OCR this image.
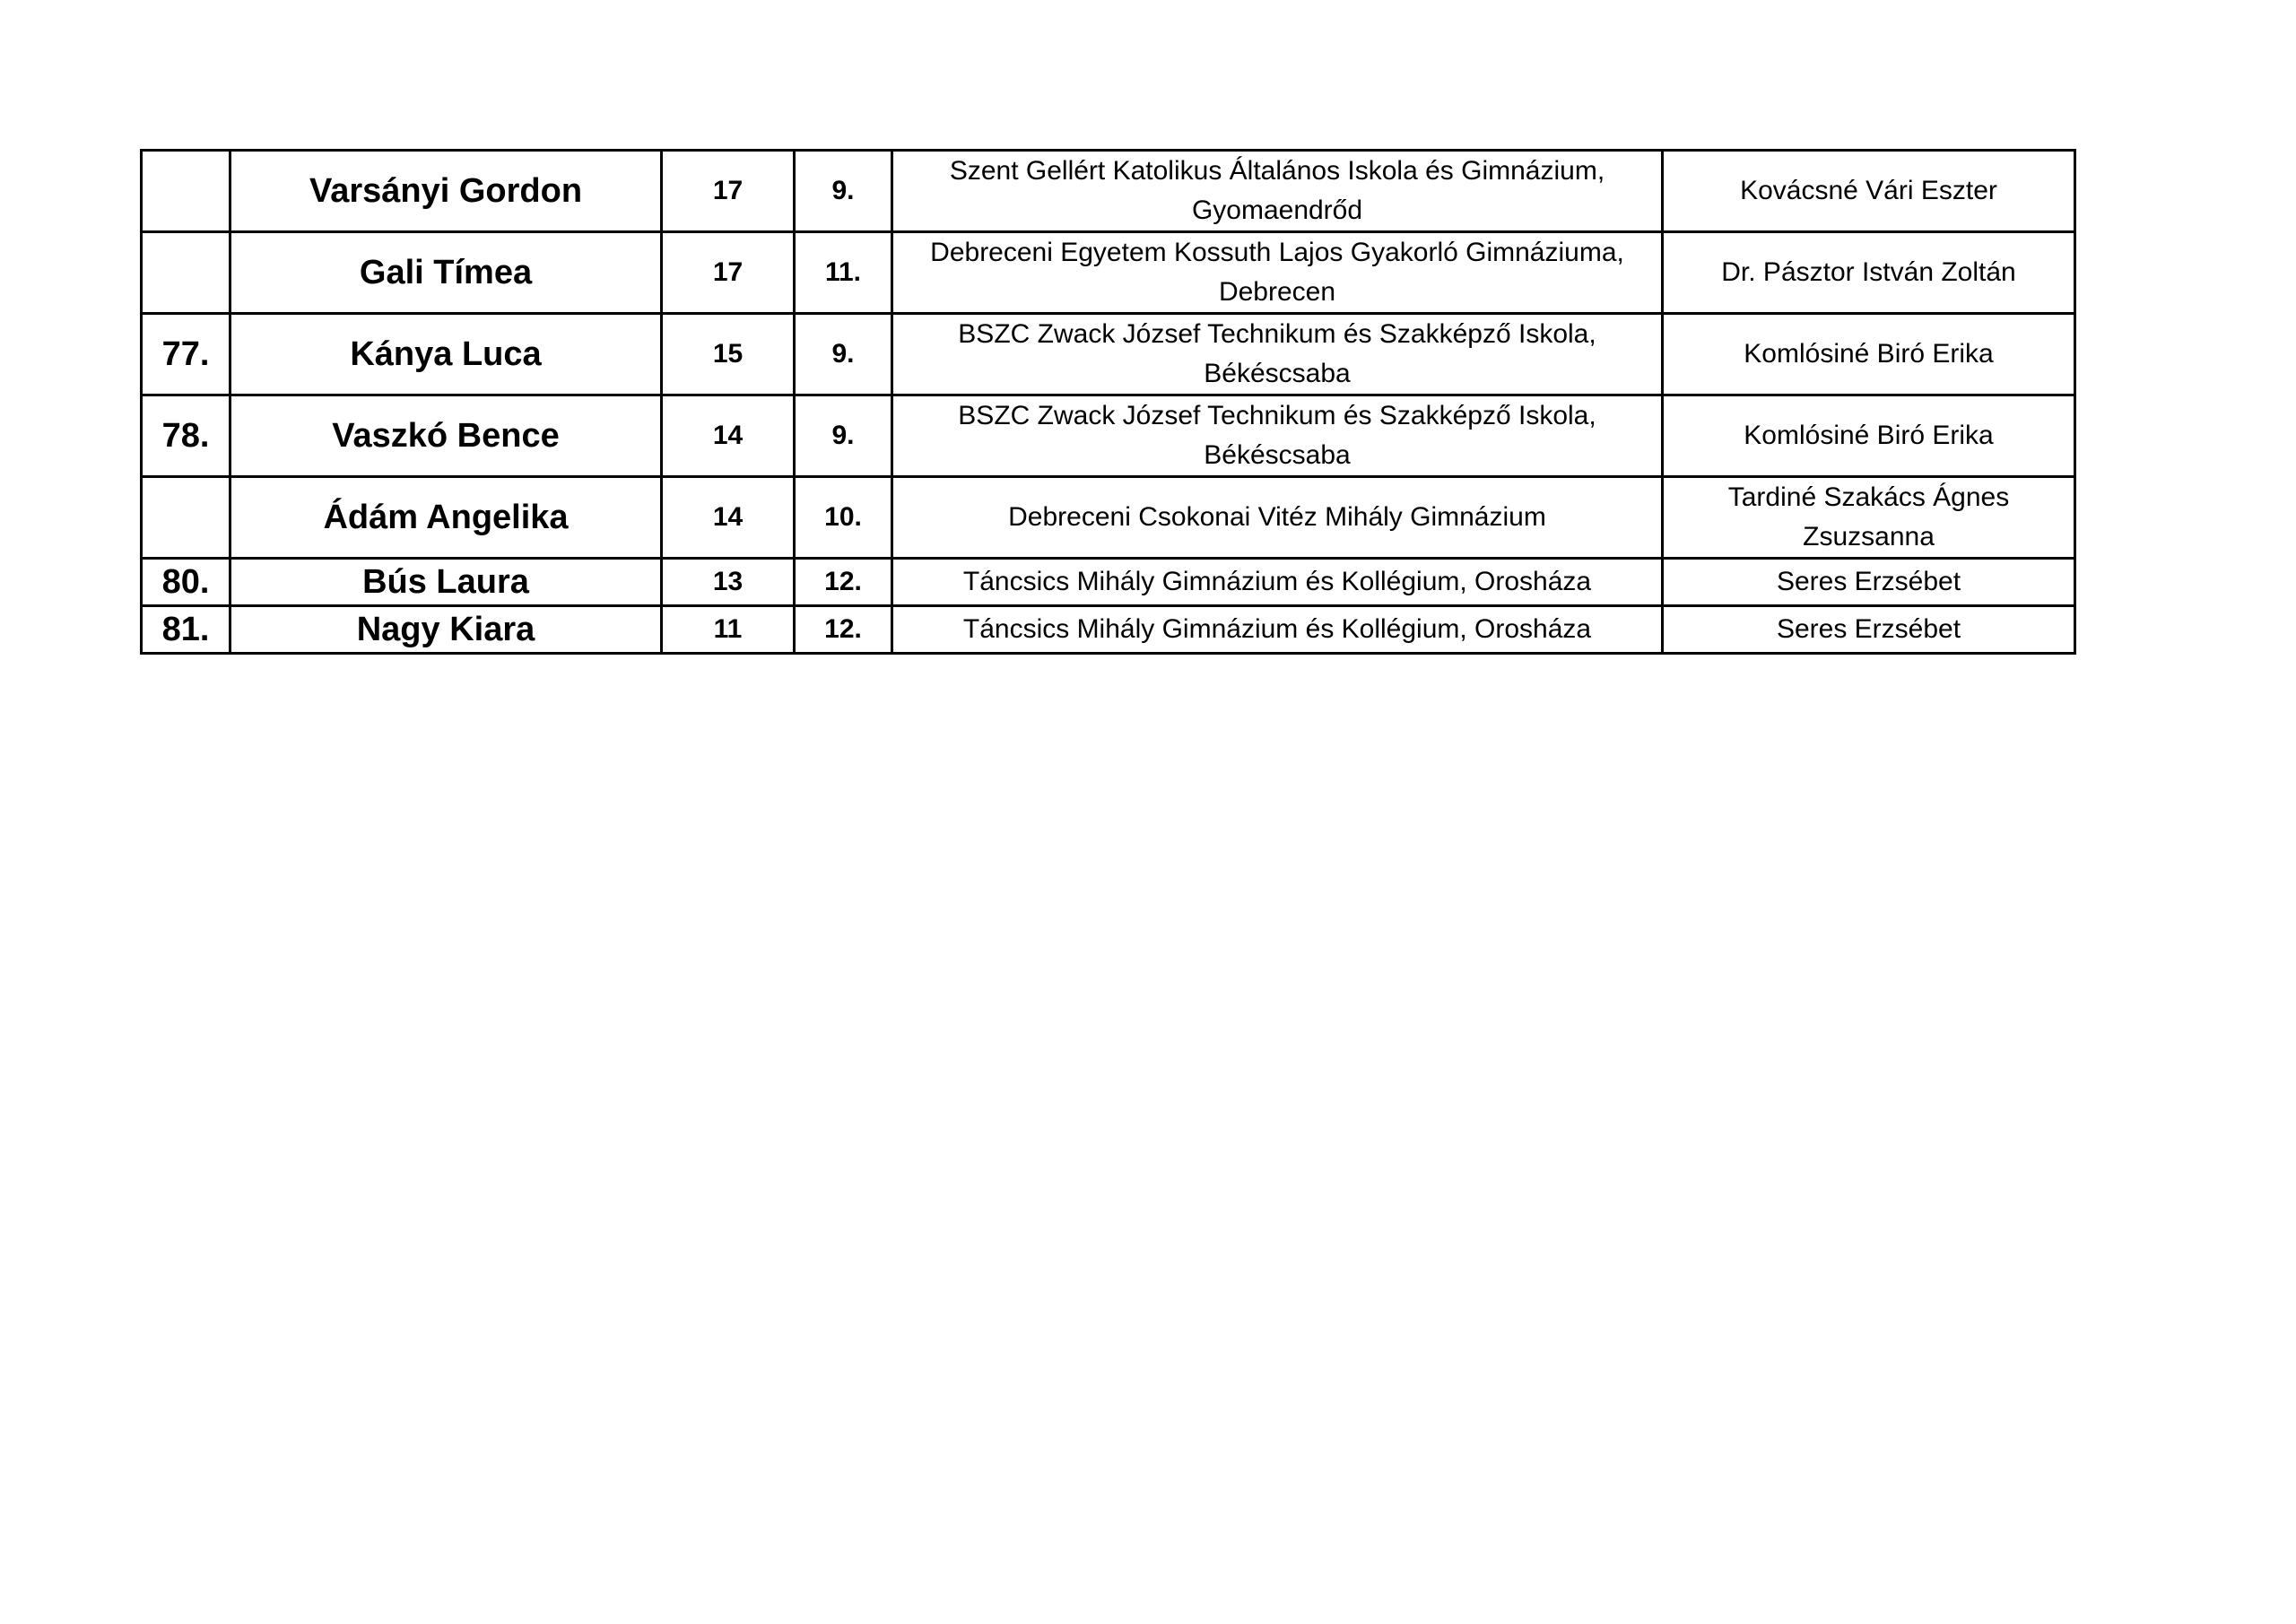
	Varsányi Gordon	17	9.	Szent Gellért Katolikus Általános Iskola és Gimnázium,
Gyomaendrőd	Kovácsné Vári Eszter

	Gali Tímea	17	11.	Debreceni Egyetem Kossuth Lajos Gyakorló Gimnáziuma,
Debrecen	Dr. Pásztor István Zoltán

77.	Kánya Luca	15	9.	BSZC Zwack József Technikum és Szakképző Iskola,
Békéscsaba	Komlósiné Biró Erika

78.	Vaszkó Bence	14	9.	BSZC Zwack József Technikum és Szakképző Iskola,
Békéscsaba	Komlósiné Biró Erika

	Ádám Angelika	14	10.	Debreceni Csokonai Vitéz Mihály Gimnázium	Tardiné Szakács Ágnes
Zsuzsanna

80.	Bús Laura	13	12.	Táncsics Mihály Gimnázium és Kollégium, Orosháza	Seres Erzsébet

81.	Nagy Kiara	11	12.	Táncsics Mihály Gimnázium és Kollégium, Orosháza	Seres Erzsébet
